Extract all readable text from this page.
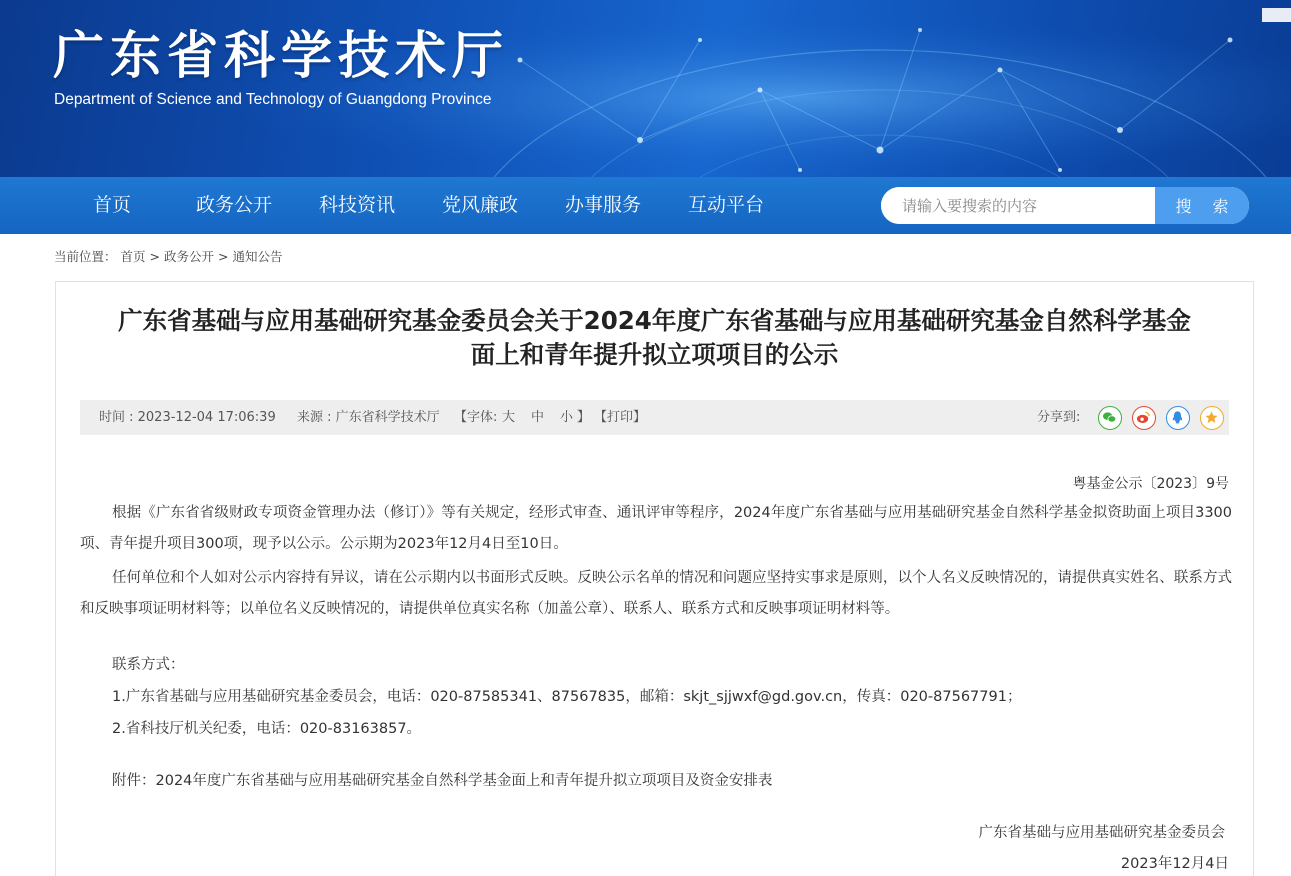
广东省科学技术厅
Department of Science and Technology of Guangdong Province
首页	政务公开 科技资讯 党风廉政 办事服务 互动平台
请输入要搜索的内容	搜 索
当前位置： 首页 > 政务公开 > 通知公告
广东省基础与应用基础研究基金委员会关于2024年度广东省基础与应用基础研究基金自然科学基金
面上和青年提升拟立项项目的公示
时间 : 2023-12-04 17:06:39 来源 : 广东省科学技术厅 【字体: 大 中 小 】 【打印】	分享到:
粤基金公示〔2023〕9号
根据《广东省省级财政专项资金管理办法（修订）》等有关规定，经形式审查、通讯评审等程序，2024年度广东省基础与应用基础研究基金自然科学基金拟资助面上项目3300项、青年提升项目300项，现予以公示。公示期为2023年12月4日至10日。
任何单位和个人如对公示内容持有异议，请在公示期内以书面形式反映。反映公示名单的情况和问题应坚持实事求是原则，以个人名义反映情况的，请提供真实姓名、联系方式和反映事项证明材料等；以单位名义反映情况的，请提供单位真实名称（加盖公章）、联系人、联系方式和反映事项证明材料等。
联系方式：
1.广东省基础与应用基础研究基金委员会，电话：020-87585341、87567835，邮箱：skjt_sjjwxf@gd.gov.cn，传真：020-87567791；
2.省科技厅机关纪委，电话：020-83163857。
附件：2024年度广东省基础与应用基础研究基金自然科学基金面上和青年提升拟立项项目及资金安排表
广东省基础与应用基础研究基金委员会
2023年12月4日
